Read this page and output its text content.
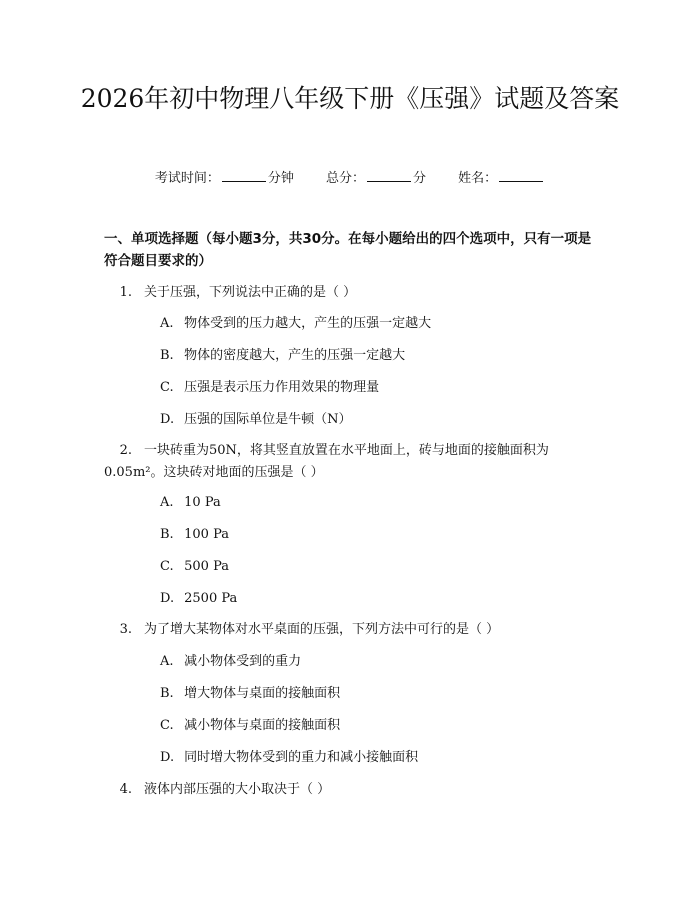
2026年初中物理八年级下册《压强》试题及答案
考试时间：	分钟 总分：	分 姓名：
一、单项选择题（每小题3分，共30分。在每小题给出的四个选项中，只有一项是符合题目要求的）
1. 关于压强，下列说法中正确的是（ ）
A. 物体受到的压力越大，产生的压强一定越大
B. 物体的密度越大，产生的压强一定越大
C. 压强是表示压力作用效果的物理量
D. 压强的国际单位是牛顿（N）
2. 一块砖重为50N，将其竖直放置在水平地面上，砖与地面的接触面积为0.05m²。这块砖对地面的压强是（ ）
A. 10 Pa
B. 100 Pa
C. 500 Pa
D. 2500 Pa
3. 为了增大某物体对水平桌面的压强，下列方法中可行的是（ ）
A. 减小物体受到的重力
B. 增大物体与桌面的接触面积
C. 减小物体与桌面的接触面积
D. 同时增大物体受到的重力和减小接触面积
4. 液体内部压强的大小取决于（ ）
